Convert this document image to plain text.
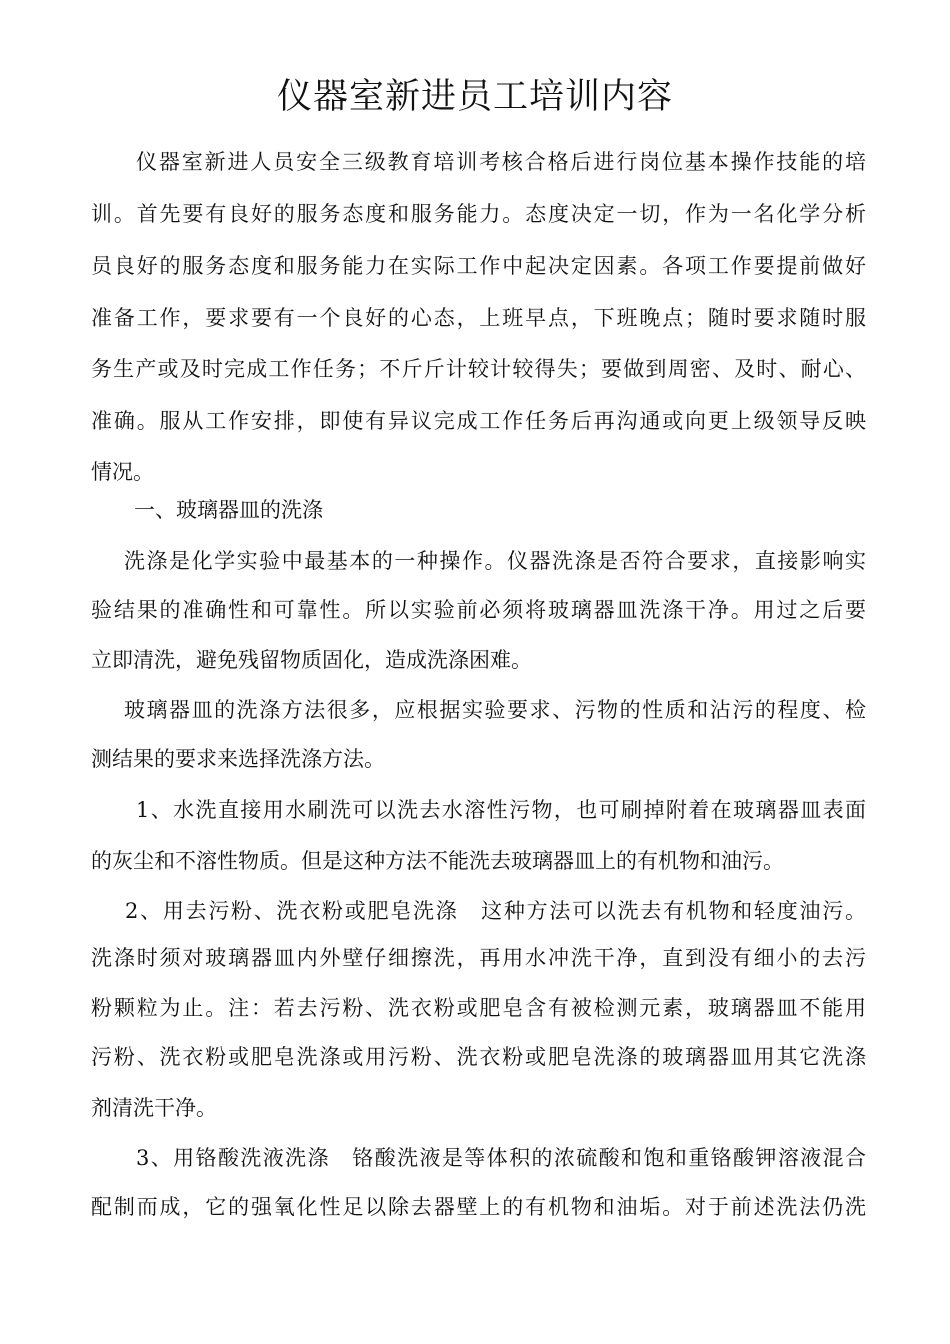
仪器室新进员工培训内容

仪器室新进人员安全三级教育培训考核合格后进行岗位基本操作技能的培

训。首先要有良好的服务态度和服务能力。态度决定一切，作为一名化学分析

员良好的服务态度和服务能力在实际工作中起决定因素。各项工作要提前做好

准备工作，要求要有一个良好的心态，上班早点，下班晚点；随时要求随时服

务生产或及时完成工作任务；不斤斤计较计较得失；要做到周密、及时、耐心、

准确。服从工作安排，即使有异议完成工作任务后再沟通或向更上级领导反映

情况。

一、玻璃器皿的洗涤

洗涤是化学实验中最基本的一种操作。仪器洗涤是否符合要求，直接影响实

验结果的准确性和可靠性。所以实验前必须将玻璃器皿洗涤干净。用过之后要

立即清洗，避免残留物质固化，造成洗涤困难。

玻璃器皿的洗涤方法很多，应根据实验要求、污物的性质和沾污的程度、检

测结果的要求来选择洗涤方法。

1、水洗直接用水刷洗可以洗去水溶性污物，也可刷掉附着在玻璃器皿表面

的灰尘和不溶性物质。但是这种方法不能洗去玻璃器皿上的有机物和油污。

2、用去污粉、洗衣粉或肥皂洗涤　这种方法可以洗去有机物和轻度油污。

洗涤时须对玻璃器皿内外壁仔细擦洗，再用水冲洗干净，直到没有细小的去污

粉颗粒为止。注：若去污粉、洗衣粉或肥皂含有被检测元素，玻璃器皿不能用

污粉、洗衣粉或肥皂洗涤或用污粉、洗衣粉或肥皂洗涤的玻璃器皿用其它洗涤

剂清洗干净。

3、用铬酸洗液洗涤　铬酸洗液是等体积的浓硫酸和饱和重铬酸钾溶液混合

配制而成，它的强氧化性足以除去器壁上的有机物和油垢。对于前述洗法仍洗
